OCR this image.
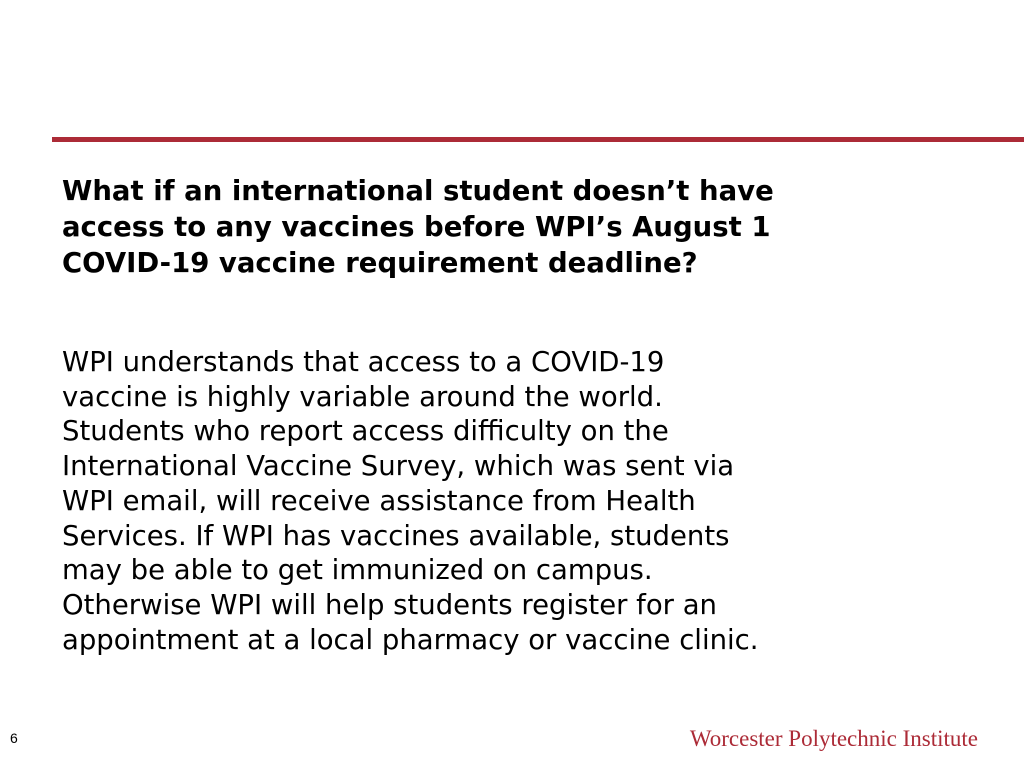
What if an international student doesn’t have
access to any vaccines before WPI’s August 1
COVID-19 vaccine requirement deadline?

WPI understands that access to a COVID-19
vaccine is highly variable around the world.
Students who report access difficulty on the
International Vaccine Survey, which was sent via
WPI email, will receive assistance from Health
Services. If WPI has vaccines available, students
may be able to get immunized on campus.
Otherwise WPI will help students register for an
appointment at a local pharmacy or vaccine clinic.

6	Worcester Polytechnic Institute
